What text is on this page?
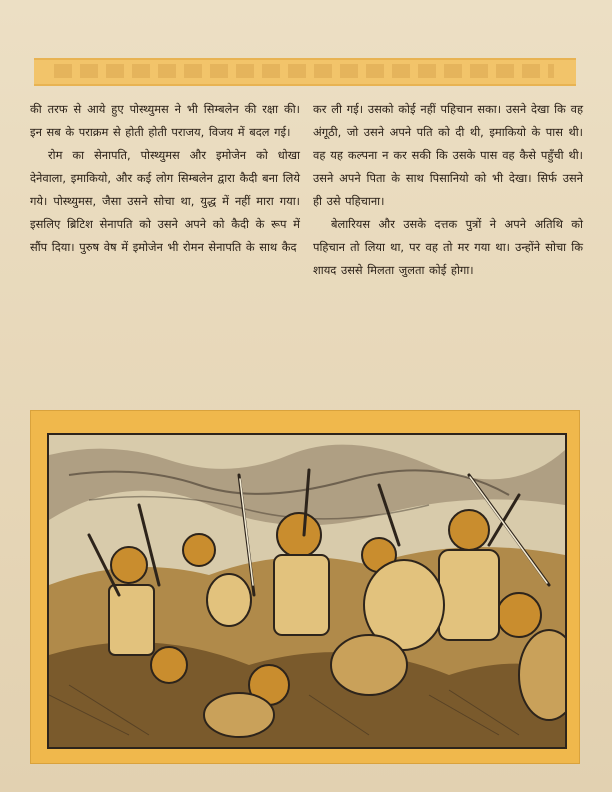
की तरफ से आये हुए पोस्थ्युमस ने भी सिम्बलेन की रक्षा की। इन सब के पराक्रम से होती होती पराजय, विजय में बदल गई।

रोम का सेनापति, पोस्थ्युमस और इमोजेन को धोखा देनेवाला, इमाकियो, और कई लोग सिम्बलेन द्वारा कैदी बना लिये गये। पोस्थ्युमस, जैसा उसने सोचा था, युद्ध में नहीं मारा गया। इसलिए ब्रिटिश सेनापति को उसने अपने को कैदी के रूप में सौंप दिया। पुरुष वेष में इमोजेन भी रोमन सेनापति के साथ कैद

कर ली गई। उसको कोई नहीं पहिचान सका। उसने देखा कि वह अंगूठी, जो उसने अपने पति को दी थी, इमाकियो के पास थी। वह यह कल्पना न कर सकी कि उसके पास वह कैसे पहुँची थी। उसने अपने पिता के साथ पिसानियो को भी देखा। सिर्फ उसने ही उसे पहिचाना।

बेलारियस और उसके दत्तक पुत्रों ने अपने अतिथि को पहिचान तो लिया था, पर वह तो मर गया था। उन्होंने सोचा कि शायद उससे मिलता जुलता कोई होगा।
